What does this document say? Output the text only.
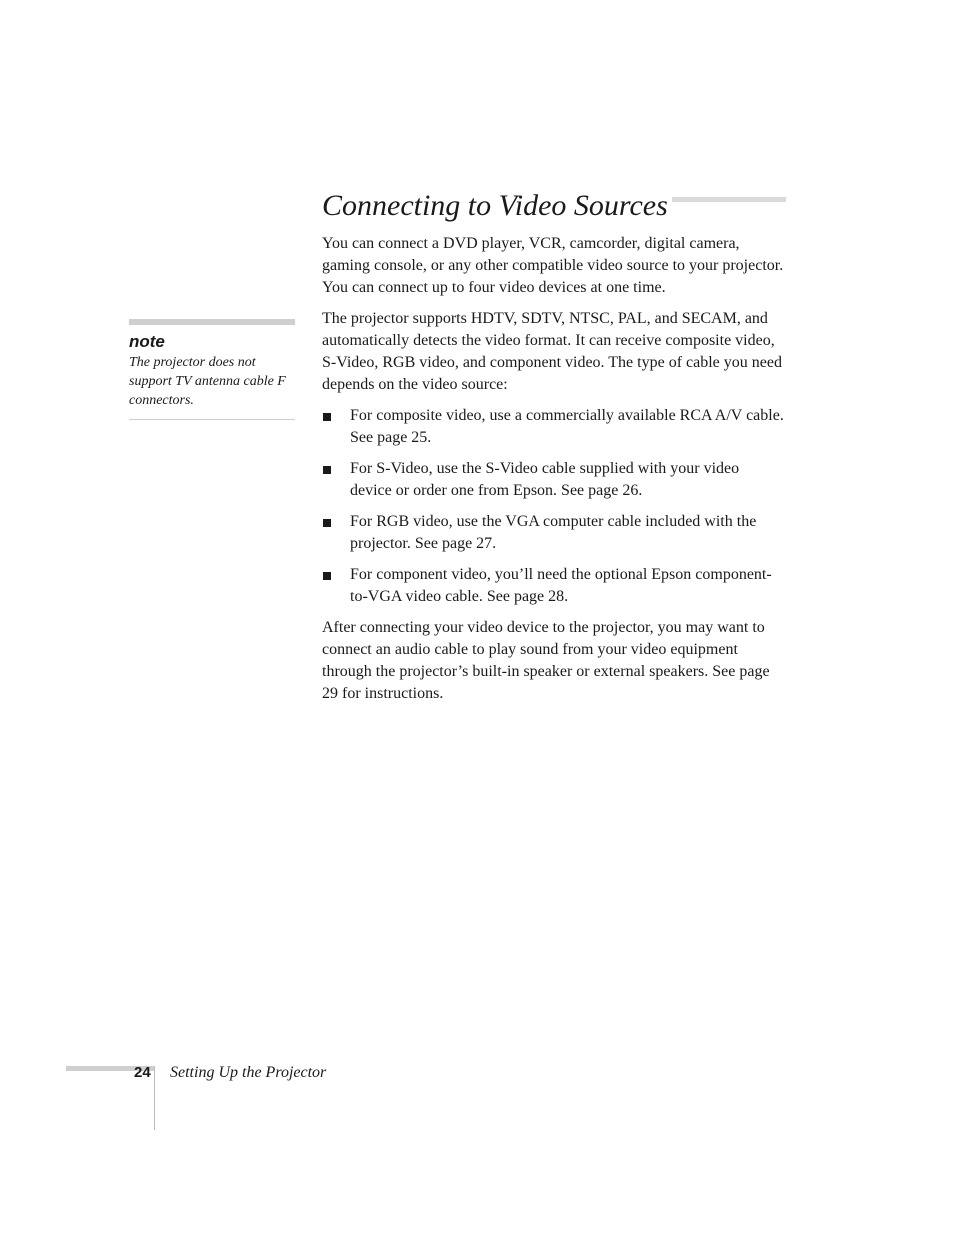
Connecting to Video Sources

You can connect a DVD player, VCR, camcorder, digital camera, gaming console, or any other compatible video source to your projector. You can connect up to four video devices at one time.

The projector supports HDTV, SDTV, NTSC, PAL, and SECAM, and automatically detects the video format. It can receive composite video, S-Video, RGB video, and component video. The type of cable you need depends on the video source:

For composite video, use a commercially available RCA A/V cable. See page 25.
For S-Video, use the S-Video cable supplied with your video device or order one from Epson. See page 26.
For RGB video, use the VGA computer cable included with the projector. See page 27.
For component video, you’ll need the optional Epson component-to-VGA video cable. See page 28.

After connecting your video device to the projector, you may want to connect an audio cable to play sound from your video equipment through the projector’s built-in speaker or external speakers. See page 29 for instructions.

note
The projector does not support TV antenna cable F connectors.
24 Setting Up the Projector
